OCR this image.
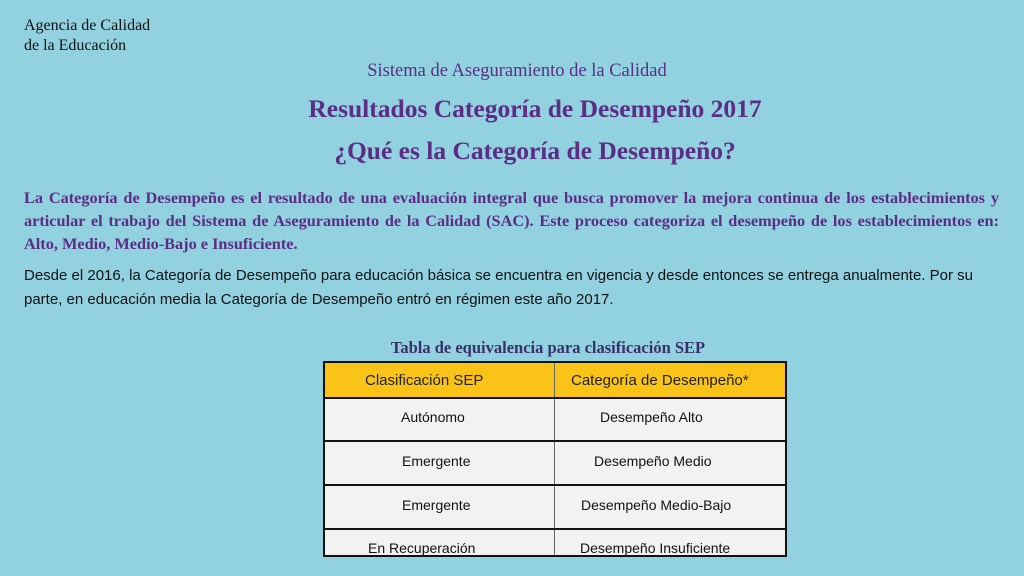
Agencia de Calidad
de la Educación
Sistema de Aseguramiento de la Calidad
Resultados Categoría de Desempeño 2017
¿Qué es la Categoría de Desempeño?

La Categoría de Desempeño es el resultado de una evaluación integral que busca promover la mejora continua de los establecimientos y articular el trabajo del Sistema de Aseguramiento de la Calidad (SAC). Este proceso categoriza el desempeño de los establecimientos en: Alto, Medio, Medio-Bajo e Insuficiente.

Desde el 2016, la Categoría de Desempeño para educación básica se encuentra en vigencia y desde entonces se entrega anualmente. Por su parte, en educación media la Categoría de Desempeño entró en régimen este año 2017.

Tabla de equivalencia para clasificación SEP
Clasificación SEP	Categoría de Desempeño*
Autónomo	Desempeño Alto
Emergente	Desempeño Medio
Emergente	Desempeño Medio-Bajo
En Recuperación	Desempeño Insuficiente
